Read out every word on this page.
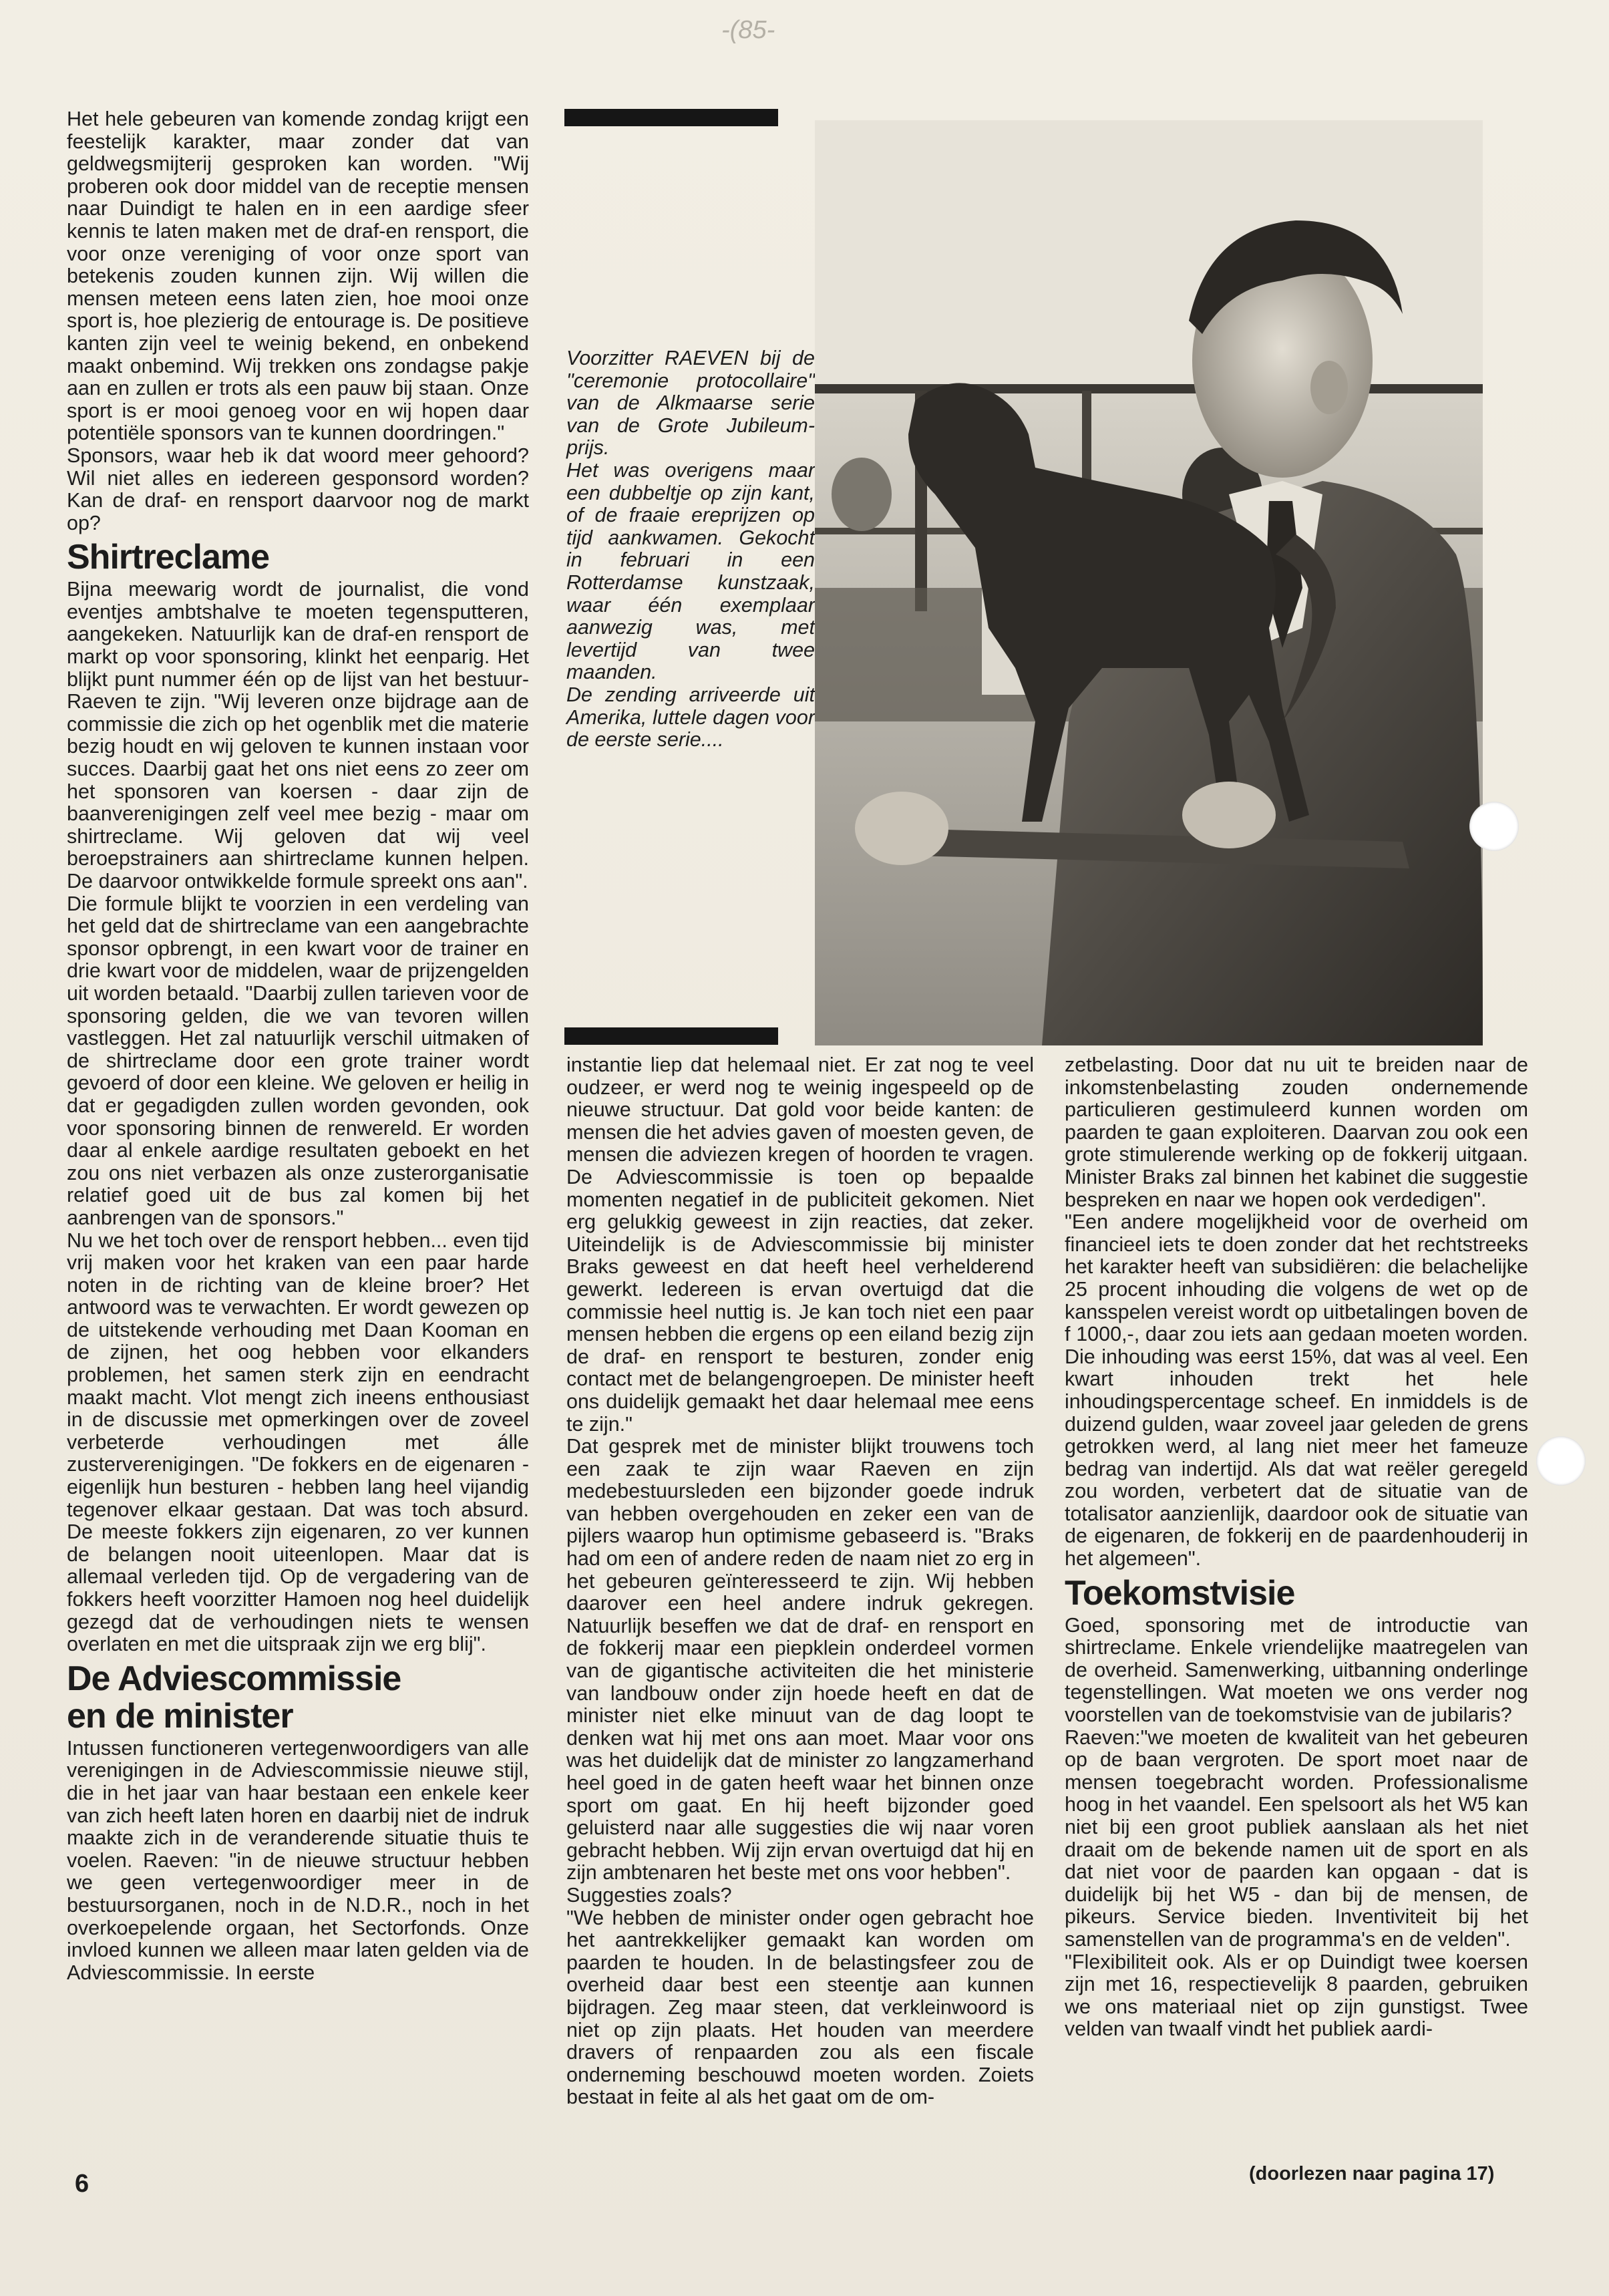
-(85-

Het hele gebeuren van komende zondag krijgt een feestelijk karakter, maar zonder dat van geldwegsmijterij gesproken kan worden. "Wij proberen ook door middel van de receptie mensen naar Duindigt te halen en in een aardige sfeer kennis te laten maken met de draf-en rensport, die voor onze vereniging of voor onze sport van betekenis zouden kunnen zijn. Wij willen die mensen meteen eens laten zien, hoe mooi onze sport is, hoe plezierig de entourage is. De positieve kanten zijn veel te weinig bekend, en onbekend maakt onbemind. Wij trekken ons zondagse pakje aan en zullen er trots als een pauw bij staan. Onze sport is er mooi genoeg voor en wij hopen daar potentiële sponsors van te kunnen doordringen."

Sponsors, waar heb ik dat woord meer gehoord? Wil niet alles en iedereen gesponsord worden? Kan de draf- en rensport daarvoor nog de markt op?

Shirtreclame

Bijna meewarig wordt de journalist, die vond eventjes ambtshalve te moeten tegensputteren, aangekeken. Natuurlijk kan de draf-en rensport de markt op voor sponsoring, klinkt het eenparig. Het blijkt punt nummer één op de lijst van het bestuur-Raeven te zijn. "Wij leveren onze bijdrage aan de commissie die zich op het ogenblik met die materie bezig houdt en wij geloven te kunnen instaan voor succes. Daarbij gaat het ons niet eens zo zeer om het sponsoren van koersen - daar zijn de baanverenigingen zelf veel mee bezig - maar om shirtreclame. Wij geloven dat wij veel beroepstrainers aan shirtreclame kunnen helpen. De daarvoor ontwikkelde formule spreekt ons aan".

Die formule blijkt te voorzien in een verdeling van het geld dat de shirtreclame van een aangebrachte sponsor opbrengt, in een kwart voor de trainer en drie kwart voor de middelen, waar de prijzengelden uit worden betaald. "Daarbij zullen tarieven voor de sponsoring gelden, die we van tevoren willen vastleggen. Het zal natuurlijk verschil uitmaken of de shirtreclame door een grote trainer wordt gevoerd of door een kleine. We geloven er heilig in dat er gegadigden zullen worden gevonden, ook voor sponsoring binnen de renwereld. Er worden daar al enkele aardige resultaten geboekt en het zou ons niet verbazen als onze zusterorganisatie relatief goed uit de bus zal komen bij het aanbrengen van de sponsors."

Nu we het toch over de rensport hebben... even tijd vrij maken voor het kraken van een paar harde noten in de richting van de kleine broer? Het antwoord was te verwachten. Er wordt gewezen op de uitstekende verhouding met Daan Kooman en de zijnen, het oog hebben voor elkanders problemen, het samen sterk zijn en eendracht maakt macht. Vlot mengt zich ineens enthousiast in de discussie met opmerkingen over de zoveel verbeterde verhoudingen met álle zusterverenigingen. "De fokkers en de eigenaren - eigenlijk hun besturen - hebben lang heel vijandig tegenover elkaar gestaan. Dat was toch absurd. De meeste fokkers zijn eigenaren, zo ver kunnen de belangen nooit uiteenlopen. Maar dat is allemaal verleden tijd. Op de vergadering van de fokkers heeft voorzitter Hamoen nog heel duidelijk gezegd dat de verhoudingen niets te wensen overlaten en met die uitspraak zijn we erg blij".

De Adviescommissie
en de minister

Intussen functioneren vertegenwoordigers van alle verenigingen in de Adviescommissie nieuwe stijl, die in het jaar van haar bestaan een enkele keer van zich heeft laten horen en daarbij niet de indruk maakte zich in de veranderende situatie thuis te voelen. Raeven: "in de nieuwe structuur hebben we geen vertegenwoordiger meer in de bestuursorganen, noch in de N.D.R., noch in het overkoepelende orgaan, het Sectorfonds. Onze invloed kunnen we alleen maar laten gelden via de Adviescommissie. In eerste

Voorzitter RAEVEN bij de "ceremonie protocollaire" van de Alkmaarse serie van de Grote Jubileum-prijs.

Het was overigens maar een dubbeltje op zijn kant, of de fraaie ereprijzen op tijd aankwamen. Gekocht in februari in een Rotterdamse kunstzaak, waar één exemplaar aanwezig was, met levertijd van twee maanden.

De zending arriveerde uit Amerika, luttele dagen voor de eerste serie....

instantie liep dat helemaal niet. Er zat nog te veel oudzeer, er werd nog te weinig ingespeeld op de nieuwe structuur. Dat gold voor beide kanten: de mensen die het advies gaven of moesten geven, de mensen die adviezen kregen of hoorden te vragen. De Adviescommissie is toen op bepaalde momenten negatief in de publiciteit gekomen. Niet erg gelukkig geweest in zijn reacties, dat zeker. Uiteindelijk is de Adviescommissie bij minister Braks geweest en dat heeft heel verhelderend gewerkt. Iedereen is ervan overtuigd dat die commissie heel nuttig is. Je kan toch niet een paar mensen hebben die ergens op een eiland bezig zijn de draf- en rensport te besturen, zonder enig contact met de belangengroepen. De minister heeft ons duidelijk gemaakt het daar helemaal mee eens te zijn."

Dat gesprek met de minister blijkt trouwens toch een zaak te zijn waar Raeven en zijn medebestuursleden een bijzonder goede indruk van hebben overgehouden en zeker een van de pijlers waarop hun optimisme gebaseerd is. "Braks had om een of andere reden de naam niet zo erg in het gebeuren geïnteresseerd te zijn. Wij hebben daarover een heel andere indruk gekregen. Natuurlijk beseffen we dat de draf- en rensport en de fokkerij maar een piepklein onderdeel vormen van de gigantische activiteiten die het ministerie van landbouw onder zijn hoede heeft en dat de minister niet elke minuut van de dag loopt te denken wat hij met ons aan moet. Maar voor ons was het duidelijk dat de minister zo langzamerhand heel goed in de gaten heeft waar het binnen onze sport om gaat. En hij heeft bijzonder goed geluisterd naar alle suggesties die wij naar voren gebracht hebben. Wij zijn ervan overtuigd dat hij en zijn ambtenaren het beste met ons voor hebben".

Suggesties zoals?

"We hebben de minister onder ogen gebracht hoe het aantrekkelijker gemaakt kan worden om paarden te houden. In de belastingsfeer zou de overheid daar best een steentje aan kunnen bijdragen. Zeg maar steen, dat verkleinwoord is niet op zijn plaats. Het houden van meerdere dravers of renpaarden zou als een fiscale onderneming beschouwd moeten worden. Zoiets bestaat in feite al als het gaat om de om-

zetbelasting. Door dat nu uit te breiden naar de inkomstenbelasting zouden ondernemende particulieren gestimuleerd kunnen worden om paarden te gaan exploiteren. Daarvan zou ook een grote stimulerende werking op de fokkerij uitgaan. Minister Braks zal binnen het kabinet die suggestie bespreken en naar we hopen ook verdedigen".

"Een andere mogelijkheid voor de overheid om financieel iets te doen zonder dat het rechtstreeks het karakter heeft van subsidiëren: die belachelijke 25 procent inhouding die volgens de wet op de kansspelen vereist wordt op uitbetalingen boven de f 1000,-, daar zou iets aan gedaan moeten worden. Die inhouding was eerst 15%, dat was al veel. Een kwart inhouden trekt het hele inhoudingspercentage scheef. En inmiddels is de duizend gulden, waar zoveel jaar geleden de grens getrokken werd, al lang niet meer het fameuze bedrag van indertijd. Als dat wat reëler geregeld zou worden, verbetert dat de situatie van de totalisator aanzienlijk, daardoor ook de situatie van de eigenaren, de fokkerij en de paardenhouderij in het algemeen".

Toekomstvisie

Goed, sponsoring met de introductie van shirtreclame. Enkele vriendelijke maatregelen van de overheid. Samenwerking, uitbanning onderlinge tegenstellingen. Wat moeten we ons verder nog voorstellen van de toekomstvisie van de jubilaris?

Raeven:"we moeten de kwaliteit van het gebeuren op de baan vergroten. De sport moet naar de mensen toegebracht worden. Professionalisme hoog in het vaandel. Een spelsoort als het W5 kan niet bij een groot publiek aanslaan als het niet draait om de bekende namen uit de sport en als dat niet voor de paarden kan opgaan - dat is duidelijk bij het W5 - dan bij de mensen, de pikeurs. Service bieden. Inventiviteit bij het samenstellen van de programma's en de velden".

"Flexibiliteit ook. Als er op Duindigt twee koersen zijn met 16, respectievelijk 8 paarden, gebruiken we ons materiaal niet op zijn gunstigst. Twee velden van twaalf vindt het publiek aardi-

(doorlezen naar pagina 17)
6
